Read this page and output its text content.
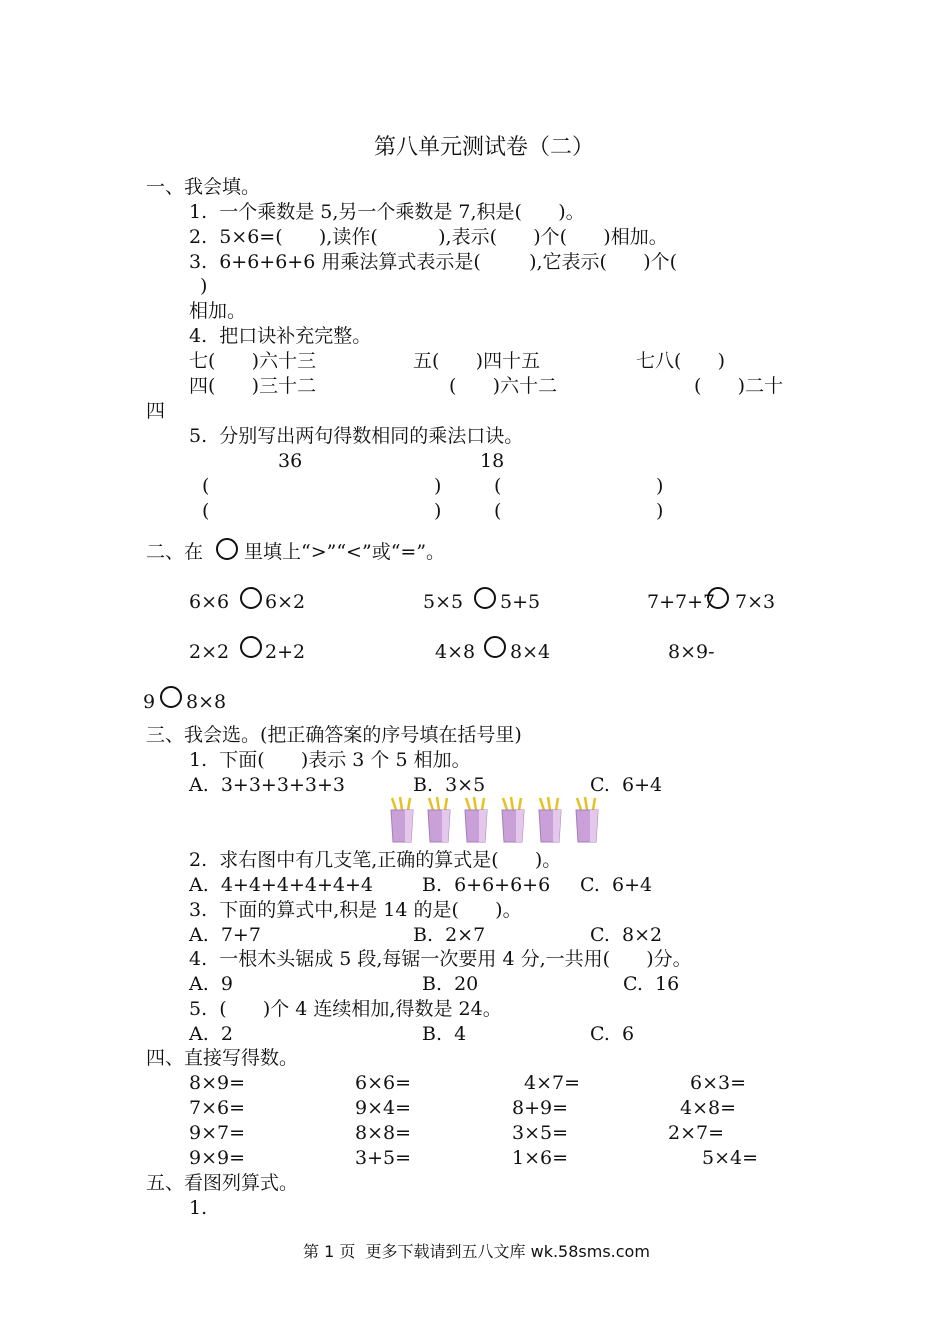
第八单元测试卷（二）
一、我会填。
1.  一个乘数是 5,另一个乘数是 7,积是(      )。
2.  5×6=(      ),读作(          ),表示(      )个(      )相加。
3.  6+6+6+6 用乘法算式表示是(        ),它表示(      )个(
)
相加。
4.  把口诀补充完整。
七(      )六十三	五(      )四十五	七八(      )
四(      )三十二	(      )六十二	(      )二十
四
5.  分别写出两句得数相同的乘法口诀。
36	18
(	)	(	)
(	)	(	)
二、在 里填上“>”“<”或“=”。
6×6 6×2	5×5 5+5	7+7+7 7×3
2×2 2+2	4×8 8×4	8×9-
9 8×8
三、我会选。(把正确答案的序号填在括号里)
1.  下面(      )表示 3 个 5 相加。
A.  3+3+3+3+3	B.  3×5	C.  6+4
2.  求右图中有几支笔,正确的算式是(      )。
A.  4+4+4+4+4+4	B.  6+6+6+6 C.  6+4
3.  下面的算式中,积是 14 的是(      )。
A.  7+7	B.  2×7	C.  8×2
4.  一根木头锯成 5 段,每锯一次要用 4 分,一共用(      )分。
A.  9	B.  20	C.  16
5.  (      )个 4 连续相加,得数是 24。
A.  2	B.  4	C.  6
四、直接写得数。
8×9=	6×6=	4×7=	6×3=
7×6=	9×4=	8+9=	4×8=
9×7=	8×8=	3×5=	2×7=
9×9=	3+5=	1×6=	5×4=
五、看图列算式。
1.
第 1 页  更多下载请到五八文库 wk.58sms.com
